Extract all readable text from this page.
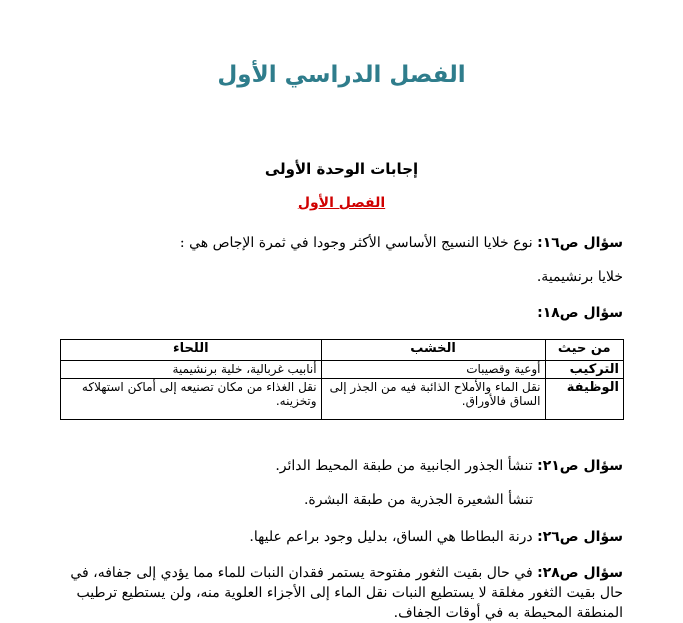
الفصل الدراسي الأول
إجابات الوحدة الأولى
الفصل الأول
سؤال ص١٦: نوع خلايا النسيج الأساسي الأكثر وجودا في ثمرة الإجاص هي :
خلايا برنشيمية.
سؤال ص١٨:
من حيث	الخشب	اللحاء
التركيب	أوعية وقصيبات	أنابيب غربالية، خلية برنشيمية
الوظيفة	نقل الماء والأملاح الذائبة فيه من الجذر إلى الساق فالأوراق.	نقل الغذاء من مكان تصنيعه إلى أماكن استهلاكه وتخزينه.
سؤال ص٢١: تنشأ الجذور الجانبية من طبقة المحيط الدائر.
تنشأ الشعيرة الجذرية من طبقة البشرة.
سؤال ص٢٦: درنة البطاطا هي الساق، بدليل وجود براعم عليها.
سؤال ص٢٨: في حال بقيت الثغور مفتوحة يستمر فقدان النبات للماء مما يؤدي إلى جفافه، في حال بقيت الثغور مغلقة لا يستطيع النبات نقل الماء إلى الأجزاء العلوية منه، ولن يستطيع ترطيب المنطقة المحيطة به في أوقات الجفاف.
